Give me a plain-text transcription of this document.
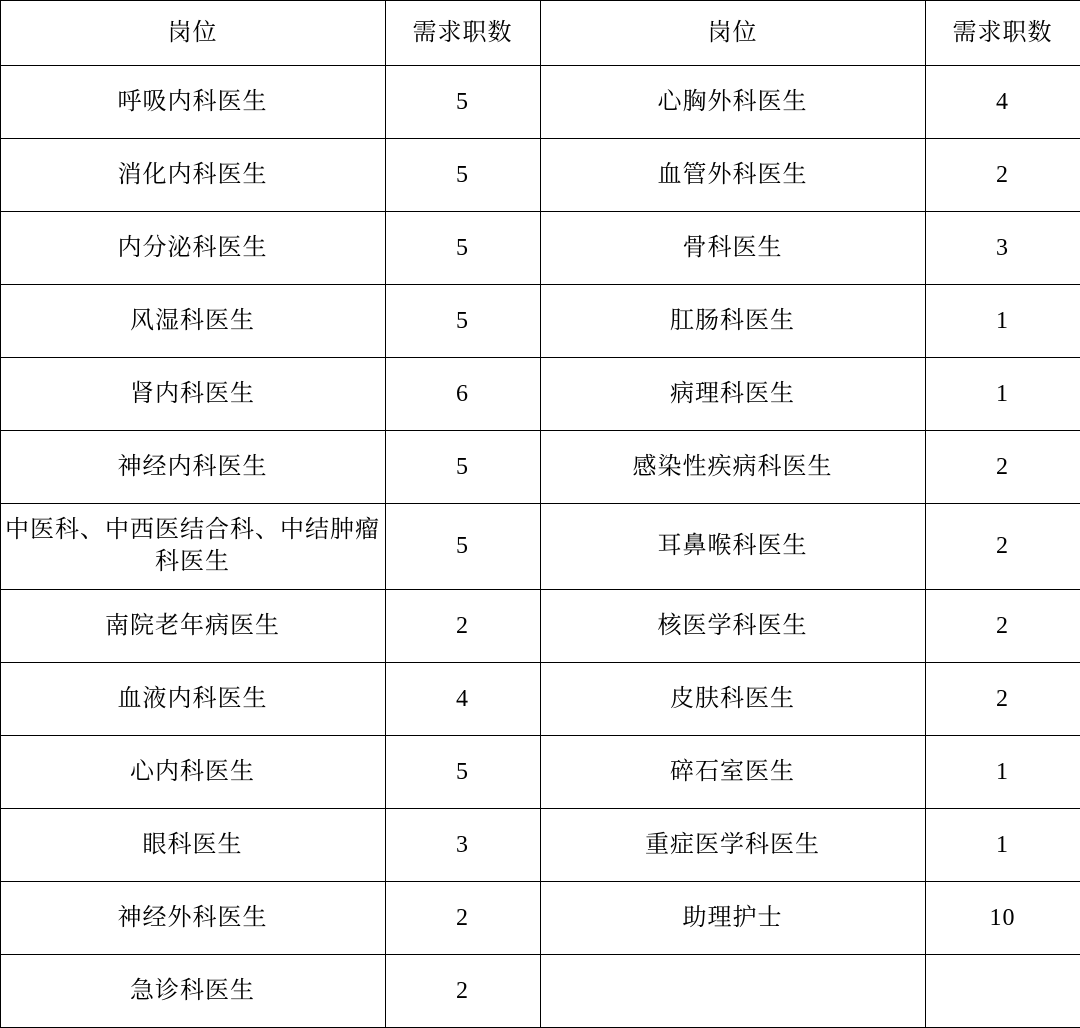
岗位	需求职数	岗位	需求职数
呼吸内科医生	5	心胸外科医生	4
消化内科医生	5	血管外科医生	2
内分泌科医生	5	骨科医生	3
风湿科医生	5	肛肠科医生	1
肾内科医生	6	病理科医生	1
神经内科医生	5	感染性疾病科医生	2
中医科、中西医结合科、中结肿瘤科医生	5	耳鼻喉科医生	2
南院老年病医生	2	核医学科医生	2
血液内科医生	4	皮肤科医生	2
心内科医生	5	碎石室医生	1
眼科医生	3	重症医学科医生	1
神经外科医生	2	助理护士	10
急诊科医生	2		
